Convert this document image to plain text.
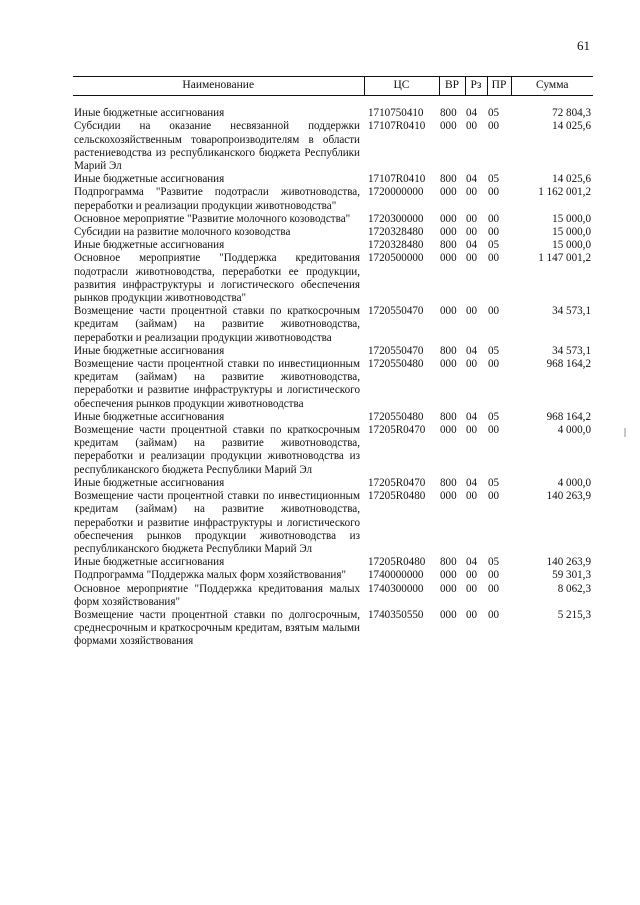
61
Наименование	ЦС	ВР	Рз	ПР	Сумма
Иные бюджетные ассигнования	1710750410	800	04	05	72 804,3
Субсидии на оказание несвязанной поддержки сельскохозяйственным товаропроизводителям в области растениеводства из республиканского бюджета Республики Марий Эл	17107R0410	000	00	00	14 025,6
Иные бюджетные ассигнования	17107R0410	800	04	05	14 025,6
Подпрограмма "Развитие подотрасли животноводства, переработки и реализации продукции животноводства"	1720000000	000	00	00	1 162 001,2
Основное мероприятие "Развитие молочного козоводства"	1720300000	000	00	00	15 000,0
Субсидии на развитие молочного козоводства	1720328480	000	00	00	15 000,0
Иные бюджетные ассигнования	1720328480	800	04	05	15 000,0
Основное мероприятие "Поддержка кредитования подотрасли животноводства, переработки ее продукции, развития инфраструктуры и логистического обеспечения рынков продукции животноводства"	1720500000	000	00	00	1 147 001,2
Возмещение части процентной ставки по краткосрочным кредитам (займам) на развитие животноводства, переработки и реализации продукции животноводства	1720550470	000	00	00	34 573,1
Иные бюджетные ассигнования	1720550470	800	04	05	34 573,1
Возмещение части процентной ставки по инвестиционным кредитам (займам) на развитие животноводства, переработки и развитие инфраструктуры и логистического обеспечения рынков продукции животноводства	1720550480	000	00	00	968 164,2
Иные бюджетные ассигнования	1720550480	800	04	05	968 164,2
Возмещение части процентной ставки по краткосрочным кредитам (займам) на развитие животноводства, переработки и реализации продукции животноводства из республиканского бюджета Республики Марий Эл	17205R0470	000	00	00	4 000,0
Иные бюджетные ассигнования	17205R0470	800	04	05	4 000,0
Возмещение части процентной ставки по инвестиционным кредитам (займам) на развитие животноводства, переработки и развитие инфраструктуры и логистического обеспечения рынков продукции животноводства из республиканского бюджета Республики Марий Эл	17205R0480	000	00	00	140 263,9
Иные бюджетные ассигнования	17205R0480	800	04	05	140 263,9
Подпрограмма "Поддержка малых форм хозяйствования"	1740000000	000	00	00	59 301,3
Основное мероприятие "Поддержка кредитования малых форм хозяйствования"	1740300000	000	00	00	8 062,3
Возмещение части процентной ставки по долгосрочным, среднесрочным и краткосрочным кредитам, взятым малыми формами хозяйствования	1740350550	000	00	00	5 215,3
